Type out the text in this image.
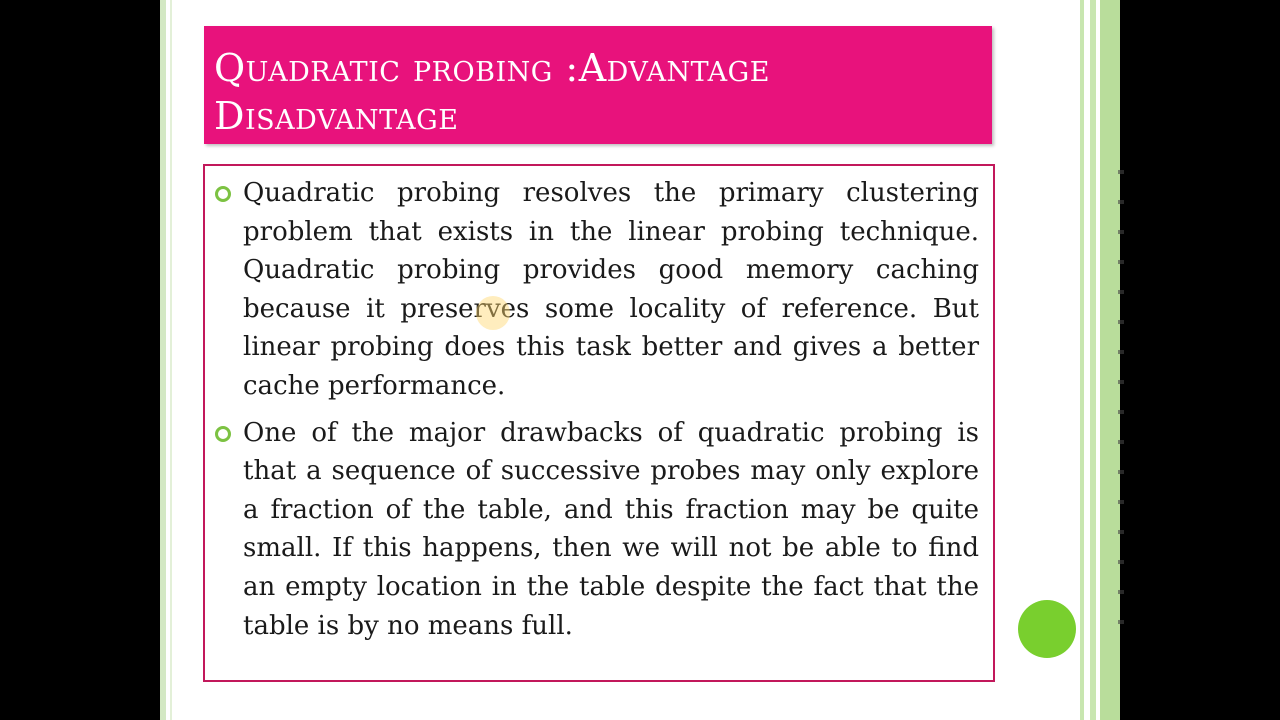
Quadratic probing :Advantage Disadvantage
Quadratic probing resolves the primary clustering problem that exists in the linear probing technique. Quadratic probing provides good memory caching because it preserves some locality of reference. But linear probing does this task better and gives a better cache performance.
One of the major drawbacks of quadratic probing is that a sequence of successive probes may only explore a fraction of the table, and this fraction may be quite small. If this happens, then we will not be able to find an empty location in the table despite the fact that the table is by no means full.
